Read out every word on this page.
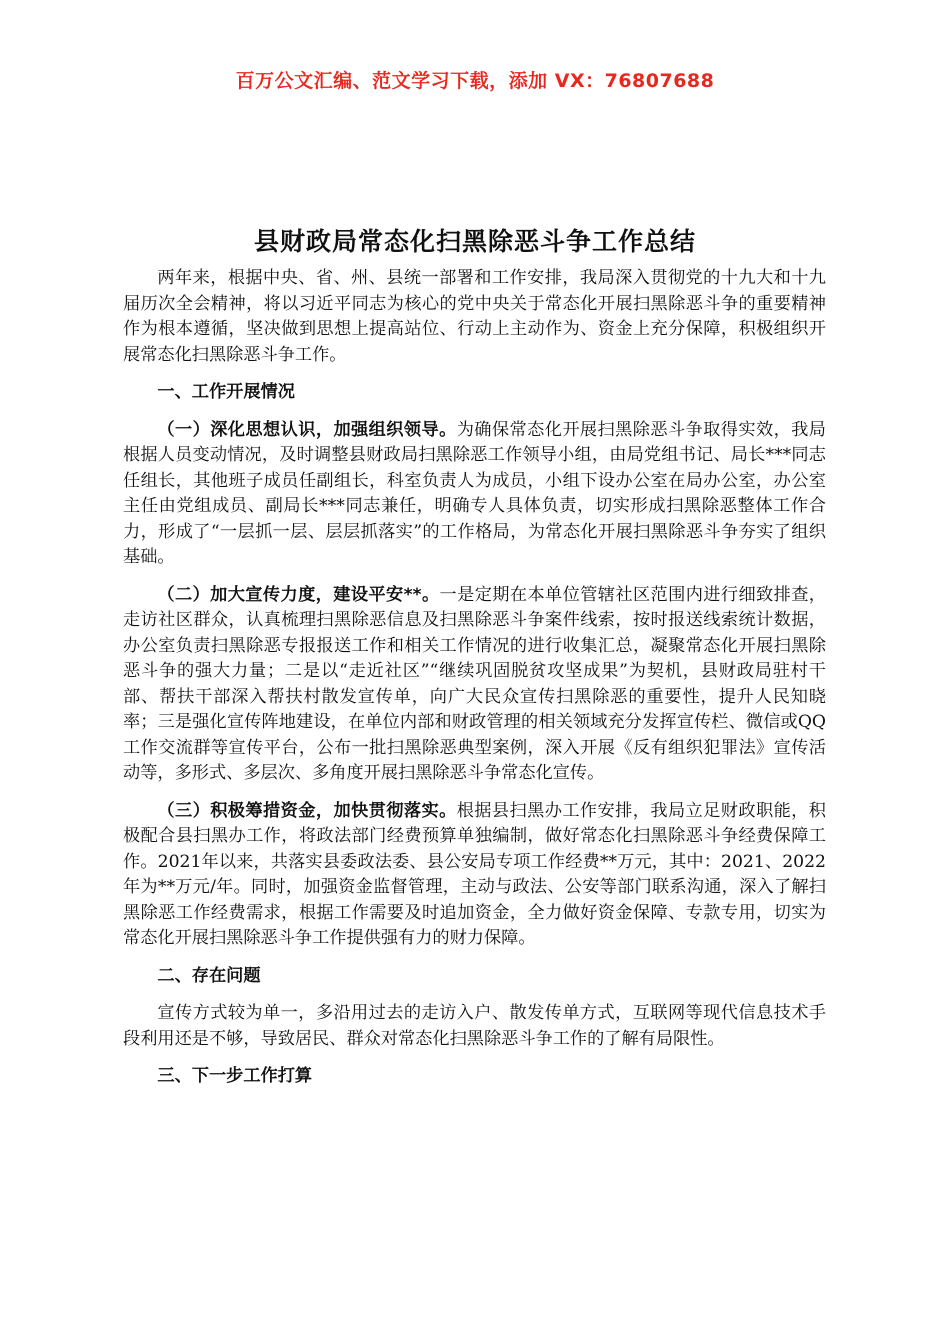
百万公文汇编、范文学习下载，添加 VX：76807688
县财政局常态化扫黑除恶斗争工作总结

两年来，根据中央、省、州、县统一部署和工作安排，我局深入贯彻党的十九大和十九届历次全会精神，将以习近平同志为核心的党中央关于常态化开展扫黑除恶斗争的重要精神作为根本遵循，坚决做到思想上提高站位、行动上主动作为、资金上充分保障，积极组织开展常态化扫黑除恶斗争工作。

一、工作开展情况

（一）深化思想认识，加强组织领导。为确保常态化开展扫黑除恶斗争取得实效，我局根据人员变动情况，及时调整县财政局扫黑除恶工作领导小组，由局党组书记、局长***同志任组长，其他班子成员任副组长，科室负责人为成员，小组下设办公室在局办公室，办公室主任由党组成员、副局长***同志兼任，明确专人具体负责，切实形成扫黑除恶整体工作合力，形成了“一层抓一层、层层抓落实”的工作格局，为常态化开展扫黑除恶斗争夯实了组织基础。

（二）加大宣传力度，建设平安**。一是定期在本单位管辖社区范围内进行细致排查，走访社区群众，认真梳理扫黑除恶信息及扫黑除恶斗争案件线索，按时报送线索统计数据，办公室负责扫黑除恶专报报送工作和相关工作情况的进行收集汇总，凝聚常态化开展扫黑除恶斗争的强大力量；二是以“走近社区”“继续巩固脱贫攻坚成果”为契机，县财政局驻村干部、帮扶干部深入帮扶村散发宣传单，向广大民众宣传扫黑除恶的重要性，提升人民知晓率；三是强化宣传阵地建设，在单位内部和财政管理的相关领域充分发挥宣传栏、微信或QQ工作交流群等宣传平台，公布一批扫黑除恶典型案例，深入开展《反有组织犯罪法》宣传活动等，多形式、多层次、多角度开展扫黑除恶斗争常态化宣传。

（三）积极筹措资金，加快贯彻落实。根据县扫黑办工作安排，我局立足财政职能，积极配合县扫黑办工作，将政法部门经费预算单独编制，做好常态化扫黑除恶斗争经费保障工作。2021年以来，共落实县委政法委、县公安局专项工作经费**万元，其中：2021、2022年为**万元/年。同时，加强资金监督管理，主动与政法、公安等部门联系沟通，深入了解扫黑除恶工作经费需求，根据工作需要及时追加资金，全力做好资金保障、专款专用，切实为常态化开展扫黑除恶斗争工作提供强有力的财力保障。

二、存在问题

宣传方式较为单一，多沿用过去的走访入户、散发传单方式，互联网等现代信息技术手段利用还是不够，导致居民、群众对常态化扫黑除恶斗争工作的了解有局限性。

三、下一步工作打算
